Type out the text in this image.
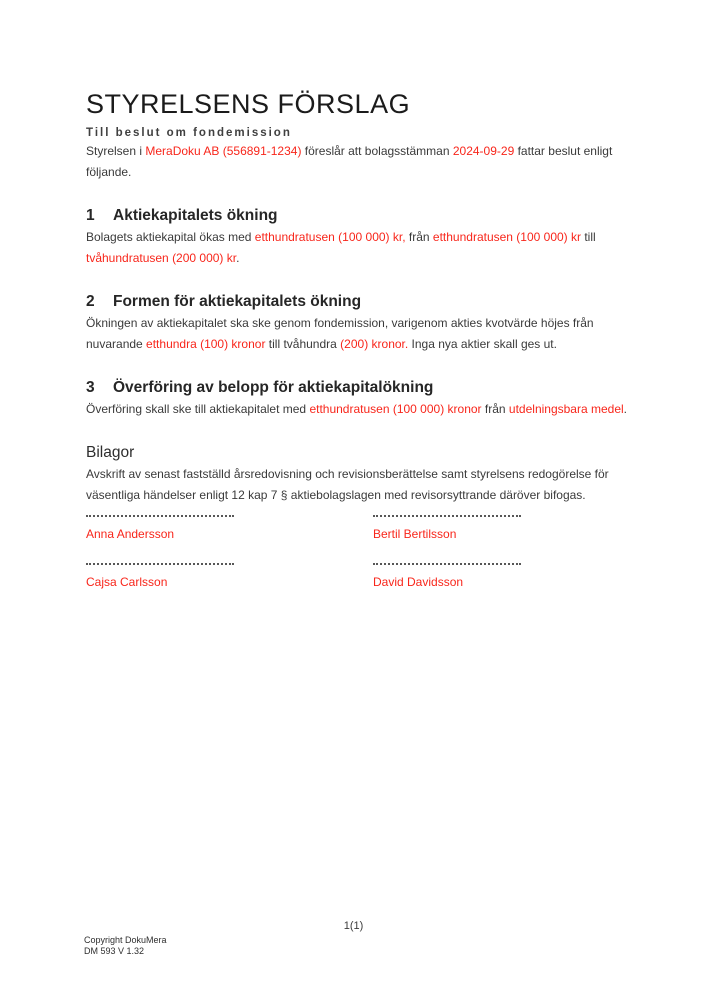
STYRELSENS FÖRSLAG
Till beslut om fondemission

Styrelsen i MeraDoku AB (556891-1234) föreslår att bolagsstämman 2024-09-29 fattar beslut enligt följande.

1 Aktiekapitalets ökning

Bolagets aktiekapital ökas med etthundratusen (100 000) kr, från etthundratusen (100 000) kr till tvåhundratusen (200 000) kr.

2 Formen för aktiekapitalets ökning

Ökningen av aktiekapitalet ska ske genom fondemission, varigenom akties kvotvärde höjes från nuvarande etthundra (100) kronor till tvåhundra (200) kronor. Inga nya aktier skall ges ut.

3 Överföring av belopp för aktiekapitalökning

Överföring skall ske till aktiekapitalet med etthundratusen (100 000) kronor från utdelningsbara medel.

Bilagor

Avskrift av senast fastställd årsredovisning och revisionsberättelse samt styrelsens redogörelse för väsentliga händelser enligt 12 kap 7 § aktiebolagslagen med revisorsyttrande däröver bifogas.

Anna Andersson	Bertil Bertilsson
Cajsa Carlsson	David Davidsson
1(1)
Copyright DokuMera
DM 593 V 1.32
